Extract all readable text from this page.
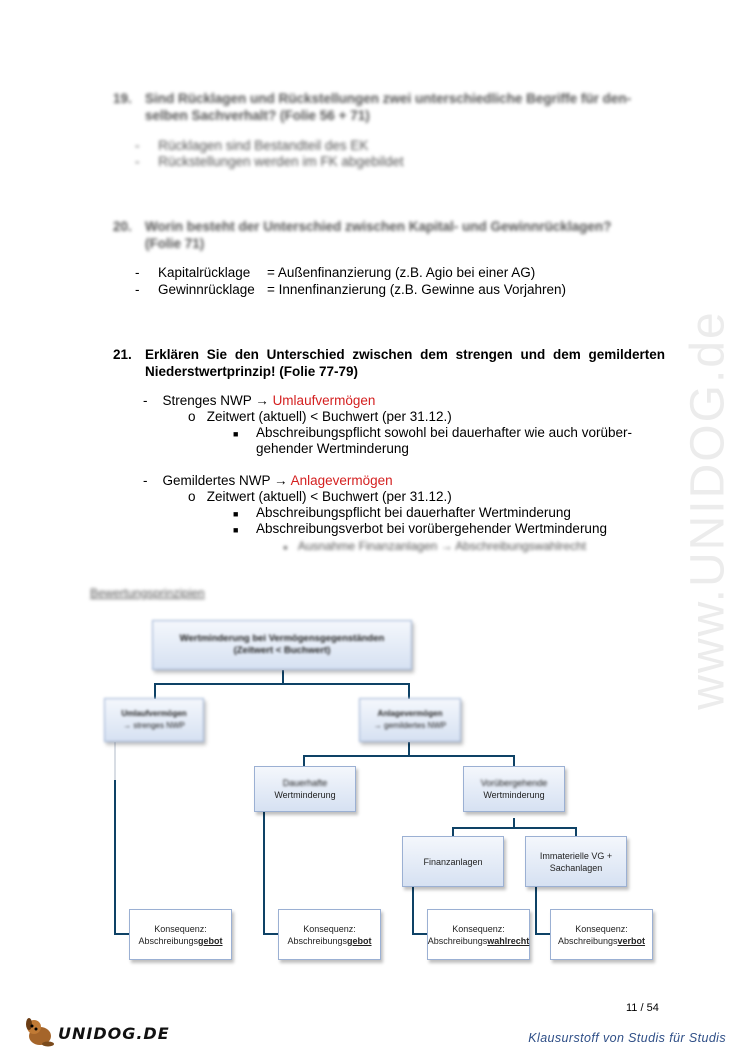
www.UNIDOG.de
19. Sind Rücklagen und Rückstellungen zwei unterschiedliche Begriffe für den-
selben Sachverhalt? (Folie 56 + 71)
-     Rücklagen sind Bestandteil des EK
-     Rückstellungen werden im FK abgebildet
20. Worin besteht der Unterschied zwischen Kapital- und Gewinnrücklagen?
(Folie 71)
- Kapitalrücklage = Außenfinanzierung (z.B. Agio bei einer AG)
- Gewinnrücklage = Innenfinanzierung (z.B. Gewinne aus Vorjahren)
21. Erklären Sie den Unterschied zwischen dem strengen und dem gemilderten
Niederstwertprinzip! (Folie 77-79)
- Strenges NWP → Umlaufvermögen
o Zeitwert (aktuell) < Buchwert (per 31.12.)
■ Abschreibungspflicht sowohl bei dauerhafter wie auch vorüber-
gehender Wertminderung
- Gemildertes NWP → Anlagevermögen
o Zeitwert (aktuell) < Buchwert (per 31.12.)
■ Abschreibungspflicht bei dauerhafter Wertminderung
■ Abschreibungsverbot bei vorübergehender Wertminderung
● Ausnahme Finanzanlagen → Abschreibungswahlrecht
Bewertungsprinzipien
Wertminderung bei Vermögensgegenständen
(Zeitwert < Buchwert)
Umlaufvermögen
→ strenges NWP
Anlagevermögen
→ gemildertes NWP
Dauerhafte
Wertminderung
Vorübergehende
Wertminderung
Finanzanlagen
Immaterielle VG +
Sachanlagen
Konsequenz:
Abschreibungsgebot
Konsequenz:
Abschreibungsgebot
Konsequenz:
Abschreibungswahlrecht
Konsequenz:
Abschreibungsverbot
11 / 54
UNIDOG.DE	Klausurstoff von Studis für Studis
